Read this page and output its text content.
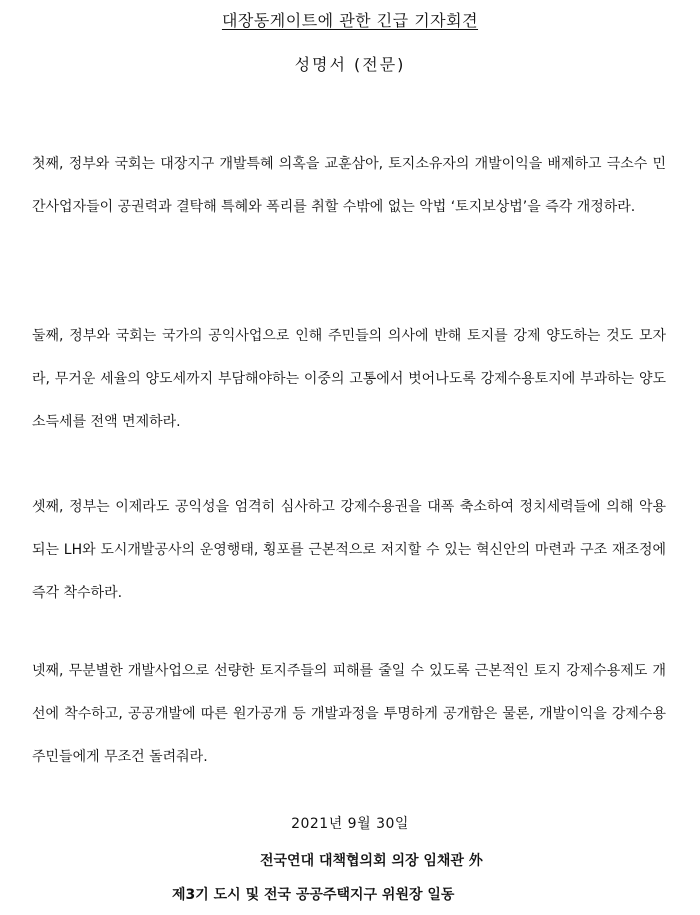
대장동게이트에 관한 긴급 기자회견
성명서 (전문)

첫째, 정부와 국회는 대장지구 개발특혜 의혹을 교훈삼아, 토지소유자의 개발이익을 배제하고 극소수 민간사업자들이 공권력과 결탁해 특혜와 폭리를 취할 수밖에 없는 악법 ‘토지보상법’을 즉각 개정하라.

둘째, 정부와 국회는 국가의 공익사업으로 인해 주민들의 의사에 반해 토지를 강제 양도하는 것도 모자라, 무거운 세율의 양도세까지 부담해야하는 이중의 고통에서 벗어나도록 강제수용토지에 부과하는 양도소득세를 전액 면제하라.

셋째, 정부는 이제라도 공익성을 엄격히 심사하고 강제수용권을 대폭 축소하여 정치세력들에 의해 악용되는 LH와 도시개발공사의 운영행태, 횡포를 근본적으로 저지할 수 있는 혁신안의 마련과 구조 재조정에 즉각 착수하라.

넷째, 무분별한 개발사업으로 선량한 토지주들의 피해를 줄일 수 있도록 근본적인 토지 강제수용제도 개선에 착수하고, 공공개발에 따른 원가공개 등 개발과정을 투명하게 공개함은 물론, 개발이익을 강제수용 주민들에게 무조건 돌려줘라.

2021년 9월 30일
전국연대 대책협의회 의장 임채관 外
제3기 도시 및 전국 공공주택지구 위원장 일동
